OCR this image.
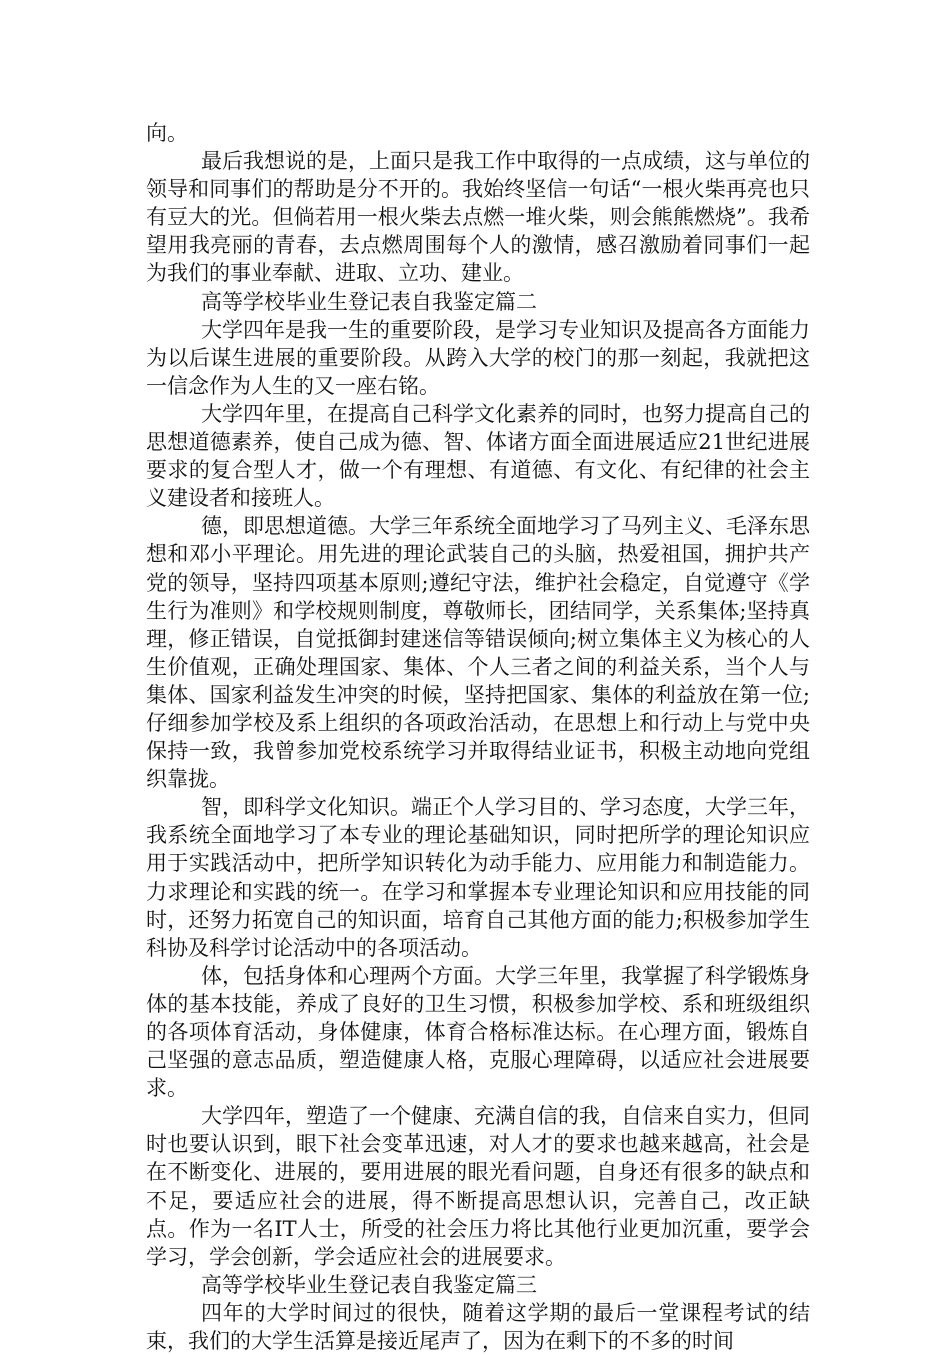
向。

最后我想说的是，上面只是我工作中取得的一点成绩，这与单位的领导和同事们的帮助是分不开的。我始终坚信一句话“一根火柴再亮也只有豆大的光。但倘若用一根火柴去点燃一堆火柴，则会熊熊燃烧”。我希望用我亮丽的青春，去点燃周围每个人的激情，感召激励着同事们一起为我们的事业奉献、进取、立功、建业。

高等学校毕业生登记表自我鉴定篇二

大学四年是我一生的重要阶段，是学习专业知识及提高各方面能力为以后谋生进展的重要阶段。从跨入大学的校门的那一刻起，我就把这一信念作为人生的又一座右铭。

大学四年里，在提高自己科学文化素养的同时，也努力提高自己的思想道德素养，使自己成为德、智、体诸方面全面进展适应21世纪进展要求的复合型人才，做一个有理想、有道德、有文化、有纪律的社会主义建设者和接班人。

德，即思想道德。大学三年系统全面地学习了马列主义、毛泽东思想和邓小平理论。用先进的理论武装自己的头脑，热爱祖国，拥护共产党的领导，坚持四项基本原则;遵纪守法，维护社会稳定，自觉遵守《学生行为准则》和学校规则制度，尊敬师长，团结同学，关系集体;坚持真理，修正错误，自觉抵御封建迷信等错误倾向;树立集体主义为核心的人生价值观，正确处理国家、集体、个人三者之间的利益关系，当个人与集体、国家利益发生冲突的时候，坚持把国家、集体的利益放在第一位;仔细参加学校及系上组织的各项政治活动，在思想上和行动上与党中央保持一致，我曾参加党校系统学习并取得结业证书，积极主动地向党组织靠拢。

智，即科学文化知识。端正个人学习目的、学习态度，大学三年，我系统全面地学习了本专业的理论基础知识，同时把所学的理论知识应用于实践活动中，把所学知识转化为动手能力、应用能力和制造能力。力求理论和实践的统一。在学习和掌握本专业理论知识和应用技能的同时，还努力拓宽自己的知识面，培育自己其他方面的能力;积极参加学生科协及科学讨论活动中的各项活动。

体，包括身体和心理两个方面。大学三年里，我掌握了科学锻炼身体的基本技能，养成了良好的卫生习惯，积极参加学校、系和班级组织的各项体育活动，身体健康，体育合格标准达标。在心理方面，锻炼自己坚强的意志品质，塑造健康人格，克服心理障碍，以适应社会进展要求。

大学四年，塑造了一个健康、充满自信的我，自信来自实力，但同时也要认识到，眼下社会变革迅速，对人才的要求也越来越高，社会是在不断变化、进展的，要用进展的眼光看问题，自身还有很多的缺点和不足，要适应社会的进展，得不断提高思想认识，完善自己，改正缺点。作为一名IT人士，所受的社会压力将比其他行业更加沉重，要学会学习，学会创新，学会适应社会的进展要求。

高等学校毕业生登记表自我鉴定篇三

四年的大学时间过的很快，随着这学期的最后一堂课程考试的结束，我们的大学生活算是接近尾声了，因为在剩下的不多的时间
